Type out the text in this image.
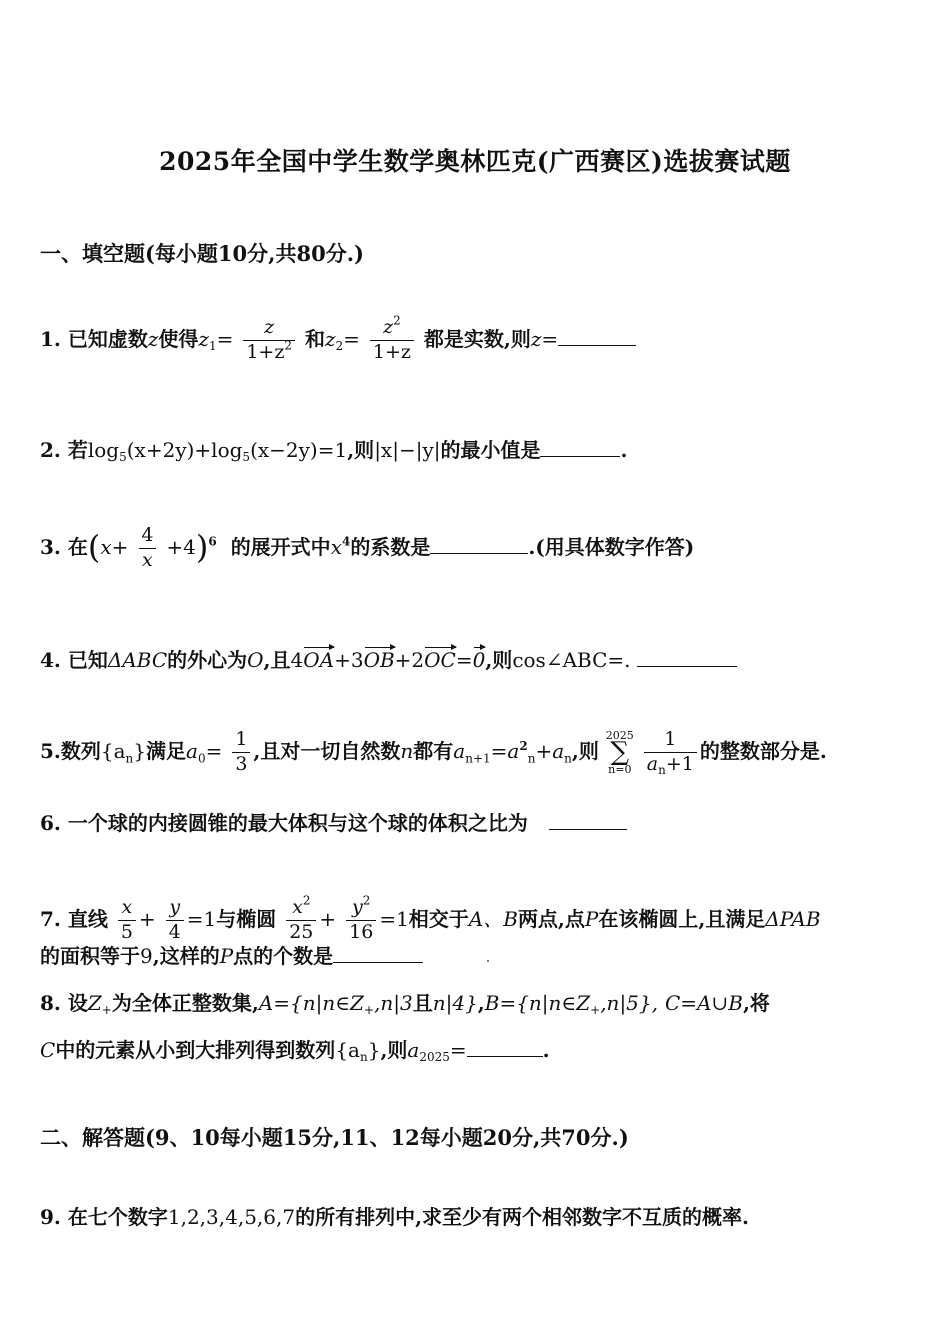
2025年全国中学生数学奥林匹克(广西赛区)选拔赛试题
一、填空题(每小题10分,共80分.)
1. 已知虚数z使得$z_1= \frac{z}{1+z^2}$ 和$z_2= \frac{z^2}{1+z}$ 都是实数,则z=
2. 若$\log_5(x+2y)+\log_5(x-2y)=1$,则|x|−|y|的最小值是	.
3. 在$(x+ \frac{4}{x} +4)^6$ 的展开式中$x^4$的系数是	.(用具体数字作答)
4. 已知ΔABC的外心为O,且4OA+3OB+2OC=0,则cos∠ABC=.
5.数列$\{a_n\}$满足$a_0= \frac{1}{3}$ ,且对一切自然数n都有$a_{n+1}=a^2_n+a_n$,则
2025
∑
n=0
$\frac{1}{a_n+1}$ 的整数部分是.
6. 一个球的内接圆锥的最大体积与这个球的体积之比为
7. 直线 $\frac{x}{5} + \frac{y}{4} =1$与椭圆 $\frac{x^2}{25} + \frac{y^2}{16} =1$相交于A、B两点,点P在该椭圆上,且满足ΔPAB
的面积等于9,这样的P点的个数是
8. 设$Z_+$为全体正整数集$,A=\{n|n\in Z_+,n|3$且$n|4\},B=\{n|n\in Z_+,n|5\}$, C=A∪B,将
C中的元素从小到大排列得到数列$\{a_n\}$,则$a_{2025}=$	.
二、解答题(9、10每小题15分,11、12每小题20分,共70分.)
9. 在七个数字1,2,3,4,5,6,7的所有排列中,求至少有两个相邻数字不互质的概率.
